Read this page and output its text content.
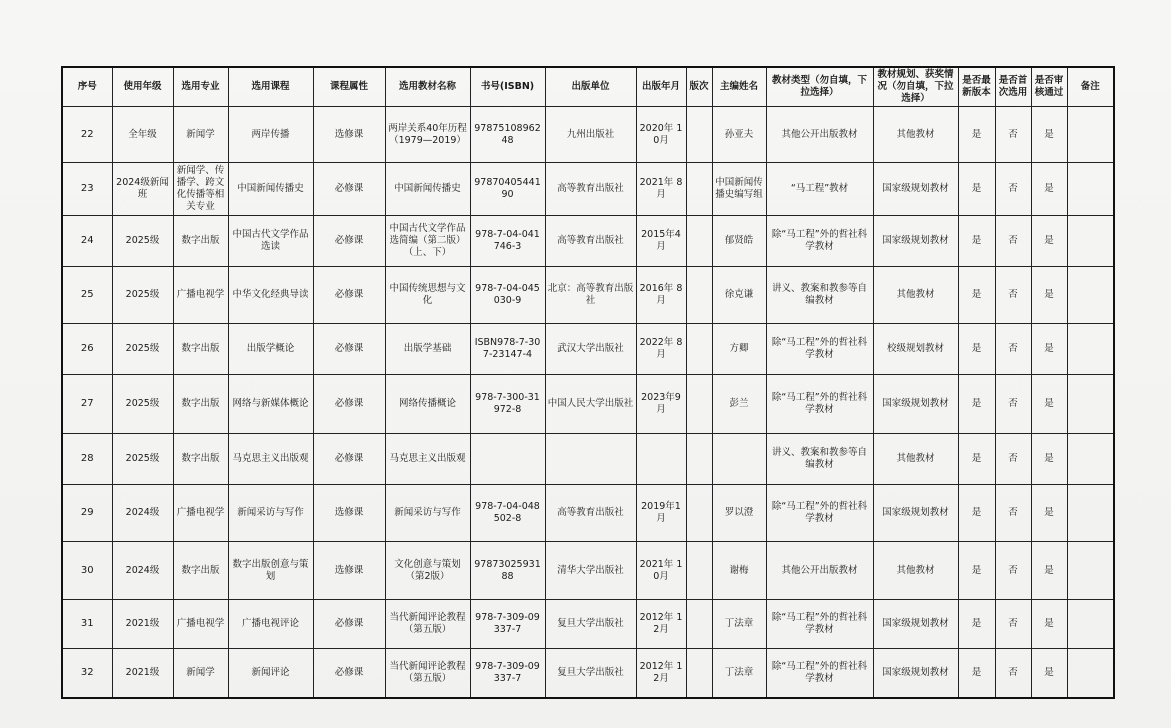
序号	使用年级	选用专业	选用课程	课程属性	选用教材名称	书号(ISBN)	出版单位	出版年月	版次	主编姓名	教材类型（勿自填，下拉选择）	教材规划、获奖情况（勿自填，下拉选择）	是否最新版本	是否首次选用	是否审核通过	备注
22	全年级	新闻学	两岸传播	选修课	两岸关系40年历程（1979—2019）	9787510896248	九州出版社	2020年 10月		孙亚夫	其他公开出版教材	其他教材	是	否	是	
23	2024级新闻班	新闻学、传播学、跨文化传播等相关专业	中国新闻传播史	必修课	中国新闻传播史	9787040544190	高等教育出版社	2021年 8月		中国新闻传播史编写组	“马工程”教材	国家级规划教材	是	否	是	
24	2025级	数字出版	中国古代文学作品选读	必修课	中国古代文学作品选简编（第二版）（上、下）	978-7-04-041746-3	高等教育出版社	2015年4月		郁贤皓	除“马工程”外的哲社科学教材	国家级规划教材	是	否	是	
25	2025级	广播电视学	中华文化经典导读	必修课	中国传统思想与文化	978-7-04-045030-9	北京：高等教育出版社	2016年 8月		徐克谦	讲义、教案和教参等自编教材	其他教材	是	否	是	
26	2025级	数字出版	出版学概论	必修课	出版学基础	ISBN978-7-307-23147-4	武汉大学出版社	2022年 8 月		方卿	除“马工程”外的哲社科学教材	校级规划教材	是	否	是	
27	2025级	数字出版	网络与新媒体概论	必修课	网络传播概论	978-7-300-31972-8	中国人民大学出版社	2023年9月		彭兰	除“马工程”外的哲社科学教材	国家级规划教材	是	否	是	
28	2025级	数字出版	马克思主义出版观	必修课	马克思主义出版观						讲义、教案和教参等自编教材	其他教材	是	否	是	
29	2024级	广播电视学	新闻采访与写作	选修课	新闻采访与写作	978-7-04-048502-8	高等教育出版社	2019年1月		罗以澄	除“马工程”外的哲社科学教材	国家级规划教材	是	否	是	
30	2024级	数字出版	数字出版创意与策划	选修课	文化创意与策划（第2版）	9787302593188	清华大学出版社	2021年 10月		谢梅	其他公开出版教材	其他教材	是	否	是	
31	2021级	广播电视学	广播电视评论	必修课	当代新闻评论教程（第五版）	978-7-309-09337-7	复旦大学出版社	2012年 12月		丁法章	除“马工程”外的哲社科学教材	国家级规划教材	是	否	是	
32	2021级	新闻学	新闻评论	必修课	当代新闻评论教程（第五版）	978-7-309-09337-7	复旦大学出版社	2012年 12月		丁法章	除“马工程”外的哲社科学教材	国家级规划教材	是	否	是	
